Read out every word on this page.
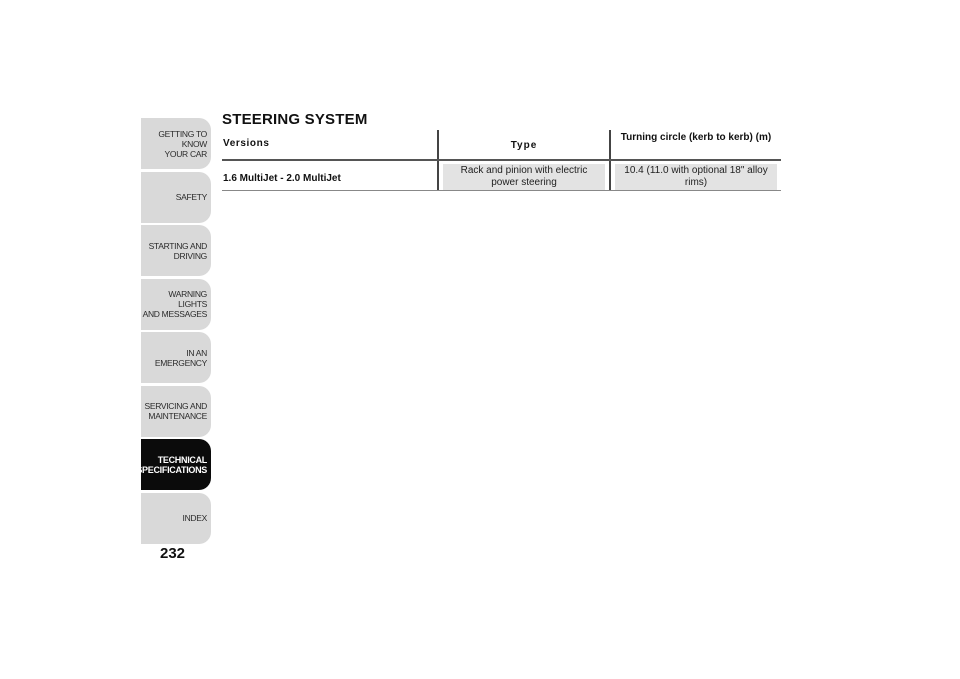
GETTING TO KNOW
YOUR CAR
SAFETY
STARTING AND
DRIVING
WARNING LIGHTS
AND MESSAGES
IN AN EMERGENCY
SERVICING AND
MAINTENANCE
TECHNICAL
SPECIFICATIONS
INDEX
232
STEERING SYSTEM
Versions	Type
Turning circle (kerb to kerb) (m)
1.6 MultiJet - 2.0 MultiJet
Rack and pinion with electric power steering
10.4 (11.0 with optional 18" alloy rims)
